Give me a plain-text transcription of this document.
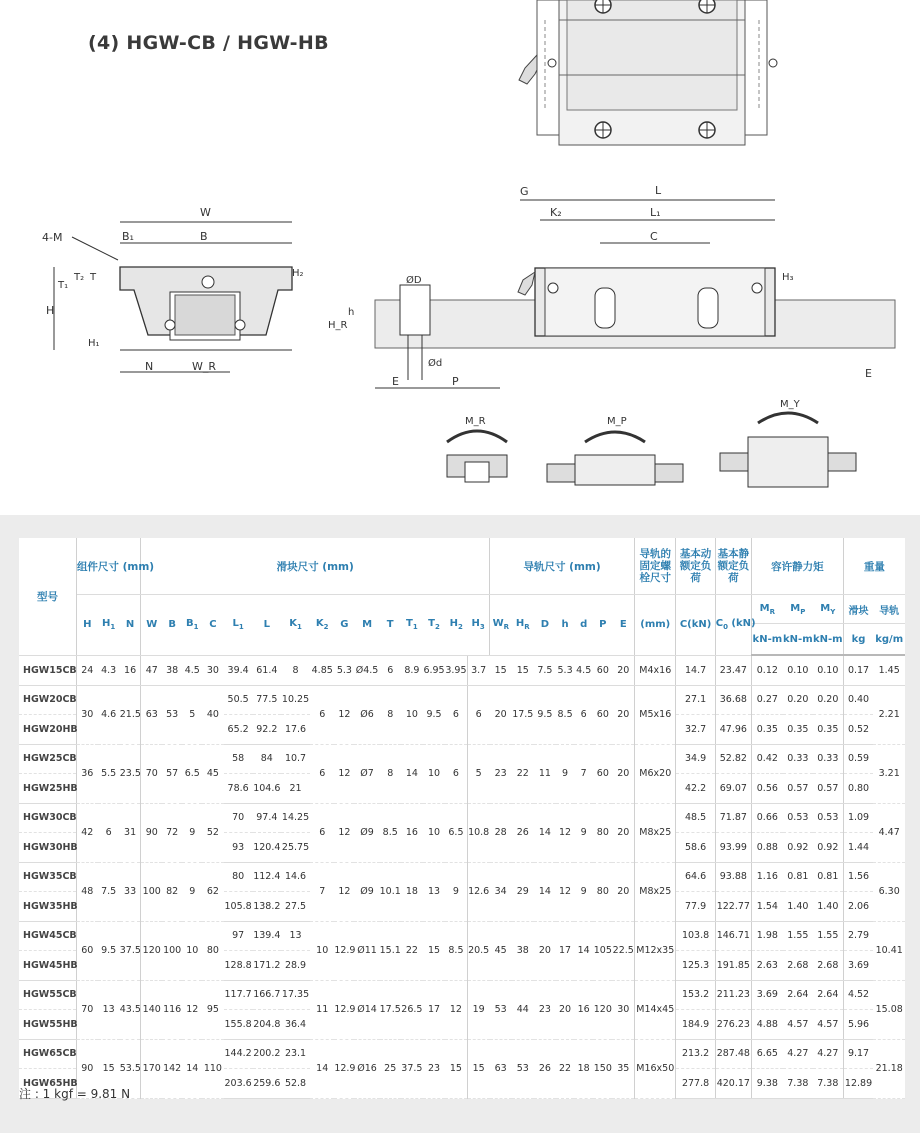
(4) HGW-CB / HGW-HB
W
B
B₁
4-M
H
T₁
T₂ T	H₂
H₁
N	W_R
G	L
K₂	L₁
C
ØD
Ød
H_R
h
E	P
H₃
E
M_R	M_P
M_Y
型号	组件尺寸 (mm)			滑块尺寸 (mm)															导轨尺寸 (mm)							导轨的固定螺栓尺寸	基本动额定负荷	基本静额定负荷	容许静力矩			重量	
	H	$H_1$	N	W	B	$B_1$	C	$L_1$	L	$K_1$	$K_2$	G	M	T	$T_1$	$T_2$	$H_2$	$H_3$	$W_R$	$H_R$	D	h	d	P	E	(mm)	C(kN)	$C_0$ (kN)	$M_R$	$M_P$	$M_Y$	滑块	导轨
																													kN-m	kN-m	kN-m	kg	kg/m
HGW15CB	24	4.3	16	47	38	4.5	30	39.4	61.4	8	4.85	5.3	Ø4.5	6	8.9	6.95	3.95	3.7	15	15	7.5	5.3	4.5	60	20	M4x16	14.7	23.47	0.12	0.10	0.10	0.17	1.45
HGW20CB	30	4.6	21.5	63	53	5	40	50.5	77.5	10.25	6	12	Ø6	8	10	9.5	6	6	20	17.5	9.5	8.5	6	60	20	M5x16	27.1	36.68	0.27	0.20	0.20	0.40	2.21
HGW20HB								65.2	92.2	17.6																	32.7	47.96	0.35	0.35	0.35	0.52	
HGW25CB	36	5.5	23.5	70	57	6.5	45	58	84	10.7	6	12	Ø7	8	14	10	6	5	23	22	11	9	7	60	20	M6x20	34.9	52.82	0.42	0.33	0.33	0.59	3.21
HGW25HB								78.6	104.6	21																	42.2	69.07	0.56	0.57	0.57	0.80	
HGW30CB	42	6	31	90	72	9	52	70	97.4	14.25	6	12	Ø9	8.5	16	10	6.5	10.8	28	26	14	12	9	80	20	M8x25	48.5	71.87	0.66	0.53	0.53	1.09	4.47
HGW30HB								93	120.4	25.75																	58.6	93.99	0.88	0.92	0.92	1.44	
HGW35CB	48	7.5	33	100	82	9	62	80	112.4	14.6	7	12	Ø9	10.1	18	13	9	12.6	34	29	14	12	9	80	20	M8x25	64.6	93.88	1.16	0.81	0.81	1.56	6.30
HGW35HB								105.8	138.2	27.5																	77.9	122.77	1.54	1.40	1.40	2.06	
HGW45CB	60	9.5	37.5	120	100	10	80	97	139.4	13	10	12.9	Ø11	15.1	22	15	8.5	20.5	45	38	20	17	14	105	22.5	M12x35	103.8	146.71	1.98	1.55	1.55	2.79	10.41
HGW45HB								128.8	171.2	28.9																	125.3	191.85	2.63	2.68	2.68	3.69	
HGW55CB	70	13	43.5	140	116	12	95	117.7	166.7	17.35	11	12.9	Ø14	17.5	26.5	17	12	19	53	44	23	20	16	120	30	M14x45	153.2	211.23	3.69	2.64	2.64	4.52	15.08
HGW55HB								155.8	204.8	36.4																	184.9	276.23	4.88	4.57	4.57	5.96	
HGW65CB	90	15	53.5	170	142	14	110	144.2	200.2	23.1	14	12.9	Ø16	25	37.5	23	15	15	63	53	26	22	18	150	35	M16x50	213.2	287.48	6.65	4.27	4.27	9.17	21.18
HGW65HB								203.6	259.6	52.8																	277.8	420.17	9.38	7.38	7.38	12.89	
注 : 1 kgf = 9.81 N
